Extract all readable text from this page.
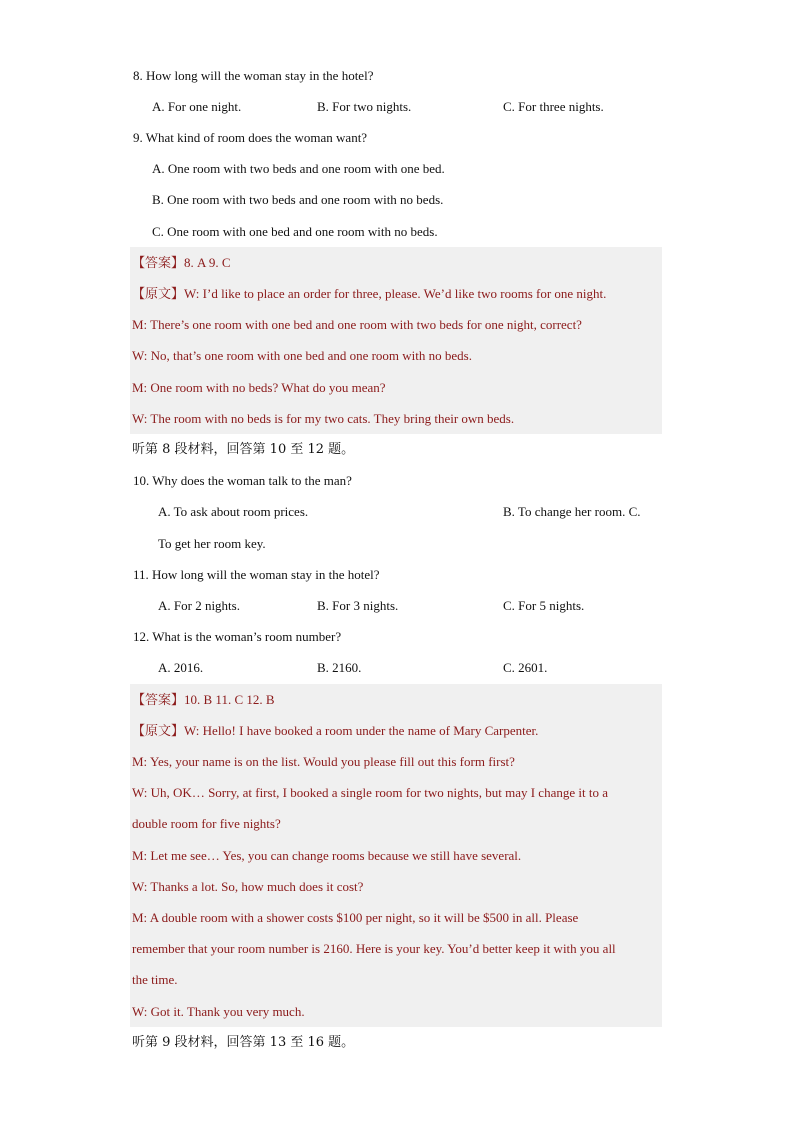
8. How long will the woman stay in the hotel?
A. For one night.	B. For two nights.	C. For three nights.
9. What kind of room does the woman want?
A. One room with two beds and one room with one bed.
B. One room with two beds and one room with no beds.
C. One room with one bed and one room with no beds.
【答案】8. A 9. C
【原文】W: I’d like to place an order for three, please. We’d like two rooms for one night.
M: There’s one room with one bed and one room with two beds for one night, correct?
W: No, that’s one room with one bed and one room with no beds.
M: One room with no beds? What do you mean?
W: The room with no beds is for my two cats. They bring their own beds.
听第 8 段材料，回答第 10 至 12 题。
10. Why does the woman talk to the man?
A. To ask about room prices.	B. To change her room. C.
To get her room key.
11. How long will the woman stay in the hotel?
A. For 2 nights.	B. For 3 nights.	C. For 5 nights.
12. What is the woman’s room number?
A. 2016.	B. 2160.	C. 2601.
【答案】10. B 11. C 12. B
【原文】W: Hello! I have booked a room under the name of Mary Carpenter.
M: Yes, your name is on the list. Would you please fill out this form first?
W: Uh, OK… Sorry, at first, I booked a single room for two nights, but may I change it to a
double room for five nights?
M: Let me see… Yes, you can change rooms because we still have several.
W: Thanks a lot. So, how much does it cost?
M: A double room with a shower costs $100 per night, so it will be $500 in all. Please
remember that your room number is 2160. Here is your key. You’d better keep it with you all
the time.
W: Got it. Thank you very much.
听第 9 段材料，回答第 13 至 16 题。
